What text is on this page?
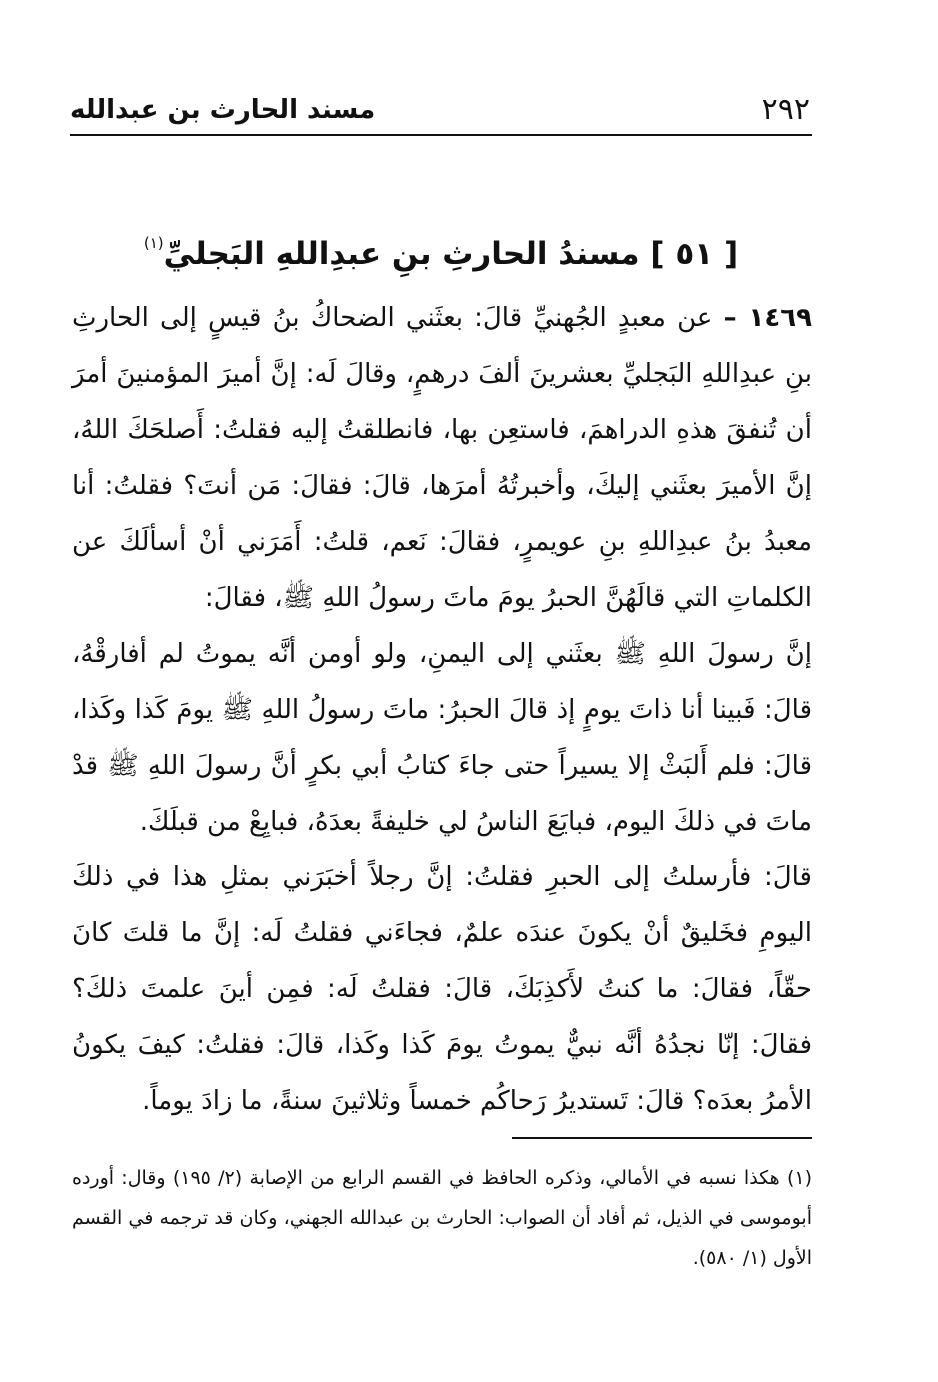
٢٩٢
مسند الحارث بن عبدالله
[ ٥١ ] مسندُ الحارثِ بنِ عبدِاللهِ البَجليِّ$^{(١)}$
١٤٦٩ – عن معبدٍ الجُهنيِّ قالَ: بعثَني الضحاكُ بنُ قيسٍ إلى الحارثِ بنِ عبدِاللهِ البَجليِّ بعشرينَ ألفَ درهمٍ، وقالَ لَه: إنَّ أميرَ المؤمنينَ أمرَ أن تُنفقَ هذهِ الدراهمَ، فاستعِن بها، فانطلقتُ إليه فقلتُ: أَصلحَكَ اللهُ، إنَّ الأميرَ بعثَني إليكَ، وأخبرتُهُ أمرَها، قالَ: فقالَ: مَن أنتَ؟ فقلتُ: أنا معبدُ بنُ عبدِاللهِ بنِ عويمرٍ، فقالَ: نَعم، قلتُ: أَمَرَني أنْ أسألَكَ عن الكلماتِ التي قالَهُنَّ الحبرُ يومَ ماتَ رسولُ اللهِ ﷺ، فقالَ:
إنَّ رسولَ اللهِ ﷺ بعثَني إلى اليمنِ، ولو أومن أنَّه يموتُ لم أفارقْهُ، قالَ: فَبينا أنا ذاتَ يومٍ إذ قالَ الحبرُ: ماتَ رسولُ اللهِ ﷺ يومَ كَذا وكَذا، قالَ: فلم أَلبَثْ إلا يسيراً حتى جاءَ كتابُ أبي بكرٍ أنَّ رسولَ اللهِ ﷺ قدْ ماتَ في ذلكَ اليوم، فبايَعَ الناسُ لي خليفةً بعدَهُ، فبايِعْ من قبلَكَ.
قالَ: فأرسلتُ إلى الحبرِ فقلتُ: إنَّ رجلاً أخبَرَني بمثلِ هذا في ذلكَ اليومِ فخَليقٌ أنْ يكونَ عندَه علمٌ، فجاءَني فقلتُ لَه: إنَّ ما قلتَ كانَ حقّاً، فقالَ: ما كنتُ لأَكذِبَكَ، قالَ: فقلتُ لَه: فمِن أينَ علمتَ ذلكَ؟ فقالَ: إنّا نجدُهُ أنَّه نبيٌّ يموتُ يومَ كَذا وكَذا، قالَ: فقلتُ: كيفَ يكونُ الأمرُ بعدَه؟ قالَ: تَستديرُ رَحاكُم خمساً وثلاثينَ سنةً، ما زادَ يوماً.
(١) هكذا نسبه في الأمالي، وذكره الحافظ في القسم الرابع من الإصابة (٢/ ١٩٥) وقال: أورده أبوموسى في الذيل، ثم أفاد أن الصواب: الحارث بن عبدالله الجهني، وكان قد ترجمه في القسم الأول (١/ ٥٨٠).
